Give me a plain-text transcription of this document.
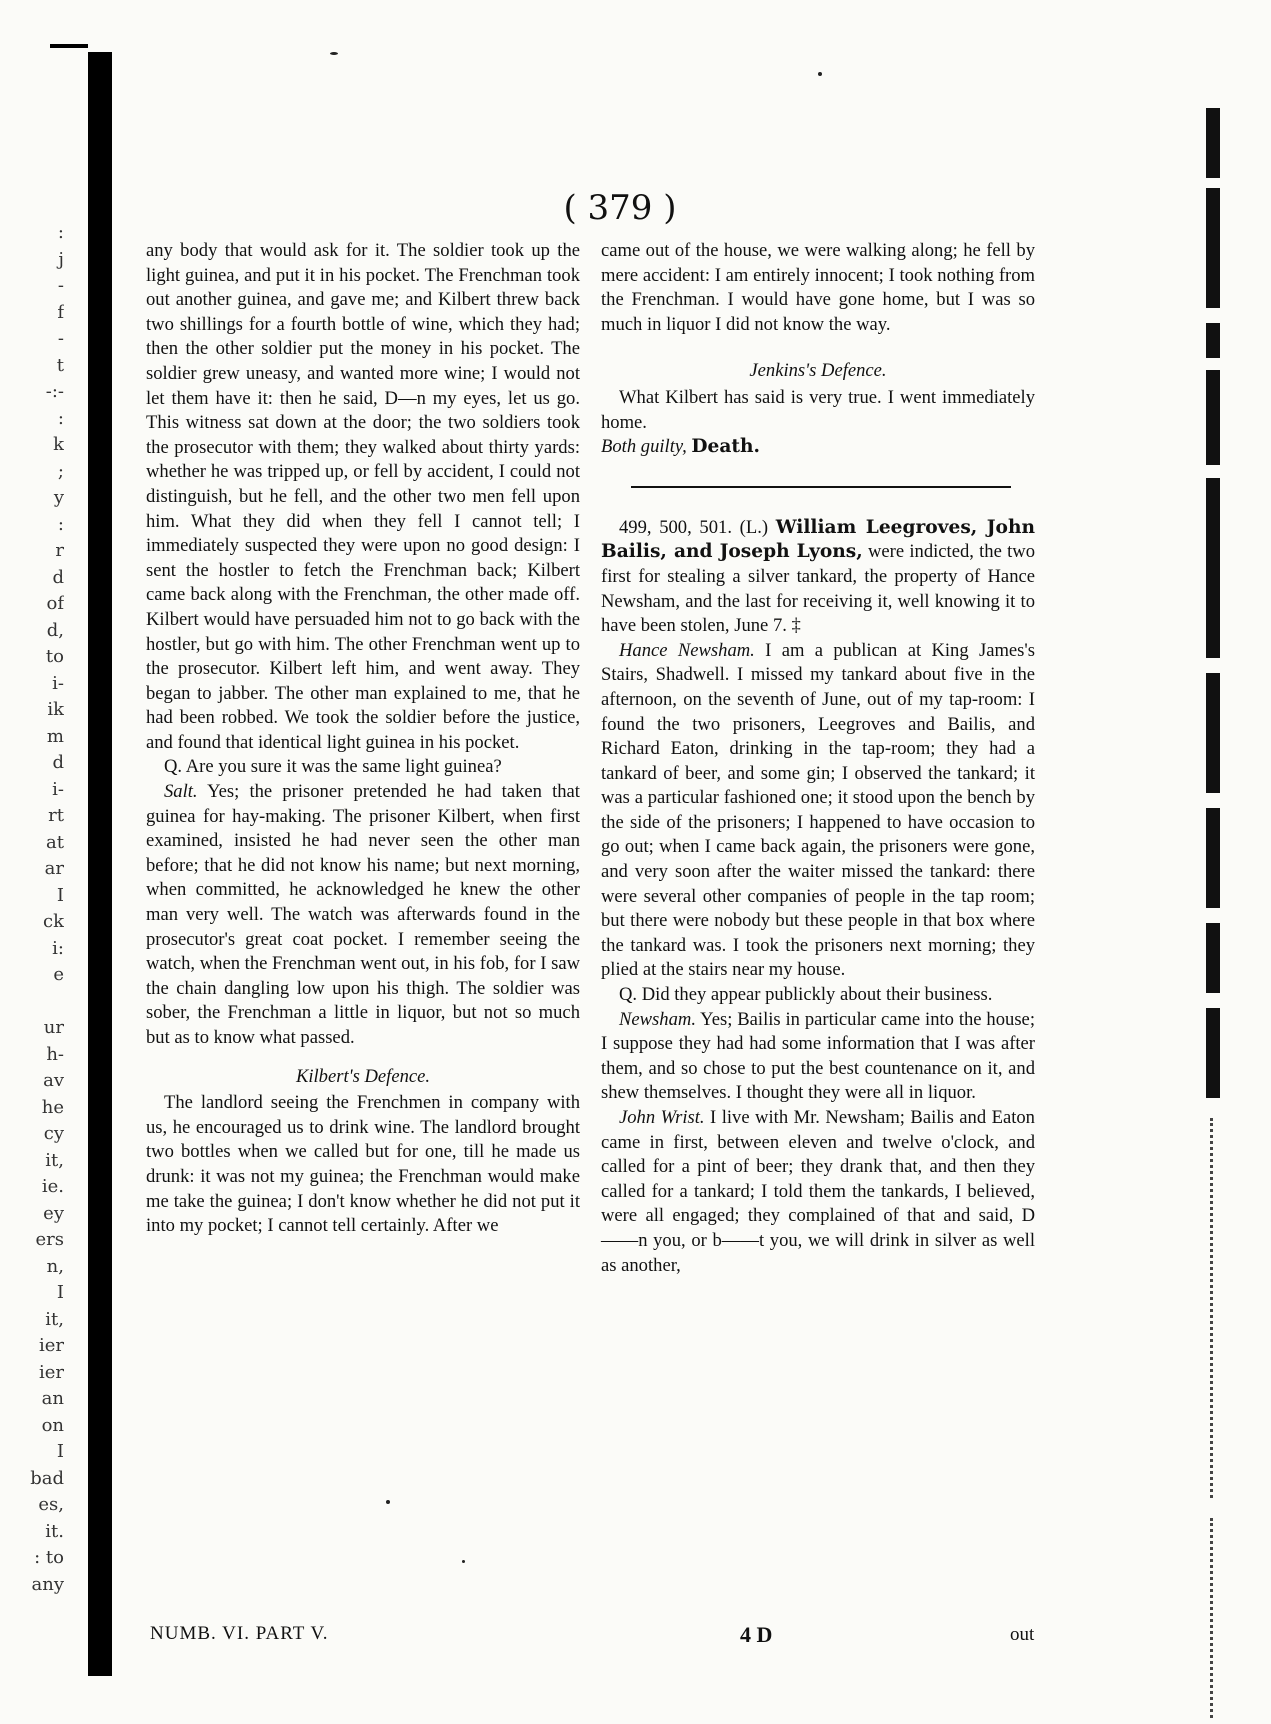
:
j
-
f
-
t
-:-
:
k
;
y
:
r
d
of
d,
to
i-
ik
m
d
i-
rt
at
ar
I
ck
i:
e
ur
h-
av
he
cy
it,
ie.
ey
ers
n,
I
it,
ier
ier
an
on
I
bad
es,
it.
: to
any
( 379 )

any body that would ask for it. The soldier took up the light guinea, and put it in his pocket. The Frenchman took out another guinea, and gave me; and Kilbert threw back two shillings for a fourth bottle of wine, which they had; then the other soldier put the money in his pocket. The soldier grew uneasy, and wanted more wine; I would not let them have it: then he said, D—n my eyes, let us go. This witness sat down at the door; the two soldiers took the prosecutor with them; they walked about thirty yards: whether he was tripped up, or fell by accident, I could not distinguish, but he fell, and the other two men fell upon him. What they did when they fell I cannot tell; I immediately suspected they were upon no good design: I sent the hostler to fetch the Frenchman back; Kilbert came back along with the Frenchman, the other made off. Kilbert would have persuaded him not to go back with the hostler, but go with him. The other Frenchman went up to the prosecutor. Kilbert left him, and went away. They began to jabber. The other man explained to me, that he had been robbed. We took the soldier before the justice, and found that identical light guinea in his pocket.

Q. Are you sure it was the same light guinea?

Salt. Yes; the prisoner pretended he had taken that guinea for hay-making. The prisoner Kilbert, when first examined, insisted he had never seen the other man before; that he did not know his name; but next morning, when committed, he acknowledged he knew the other man very well. The watch was afterwards found in the prosecutor's great coat pocket. I remember seeing the watch, when the Frenchman went out, in his fob, for I saw the chain dangling low upon his thigh. The soldier was sober, the Frenchman a little in liquor, but not so much but as to know what passed.

Kilbert's Defence.

The landlord seeing the Frenchmen in company with us, he encouraged us to drink wine. The landlord brought two bottles when we called but for one, till he made us drunk: it was not my guinea; the Frenchman would make me take the guinea; I don't know whether he did not put it into my pocket; I cannot tell certainly. After we

came out of the house, we were walking along; he fell by mere accident: I am entirely innocent; I took nothing from the Frenchman. I would have gone home, but I was so much in liquor I did not know the way.

Jenkins's Defence.

What Kilbert has said is very true. I went immediately home.

Both guilty, Death.

499, 500, 501. (L.) William Leegroves, John Bailis, and Joseph Lyons, were indicted, the two first for stealing a silver tankard, the property of Hance Newsham, and the last for receiving it, well knowing it to have been stolen, June 7. ‡

Hance Newsham. I am a publican at King James's Stairs, Shadwell. I missed my tankard about five in the afternoon, on the seventh of June, out of my tap-room: I found the two prisoners, Leegroves and Bailis, and Richard Eaton, drinking in the tap-room; they had a tankard of beer, and some gin; I observed the tankard; it was a particular fashioned one; it stood upon the bench by the side of the prisoners; I happened to have occasion to go out; when I came back again, the prisoners were gone, and very soon after the waiter missed the tankard: there were several other companies of people in the tap room; but there were nobody but these people in that box where the tankard was. I took the prisoners next morning; they plied at the stairs near my house.

Q. Did they appear publickly about their business.

Newsham. Yes; Bailis in particular came into the house; I suppose they had had some information that I was after them, and so chose to put the best countenance on it, and shew themselves. I thought they were all in liquor.

John Wrist. I live with Mr. Newsham; Bailis and Eaton came in first, between eleven and twelve o'clock, and called for a pint of beer; they drank that, and then they called for a tankard; I told them the tankards, I believed, were all engaged; they complained of that and said, D——n you, or b——t you, we will drink in silver as well as another,

NUMB. VI. PART V.	4 D	out
